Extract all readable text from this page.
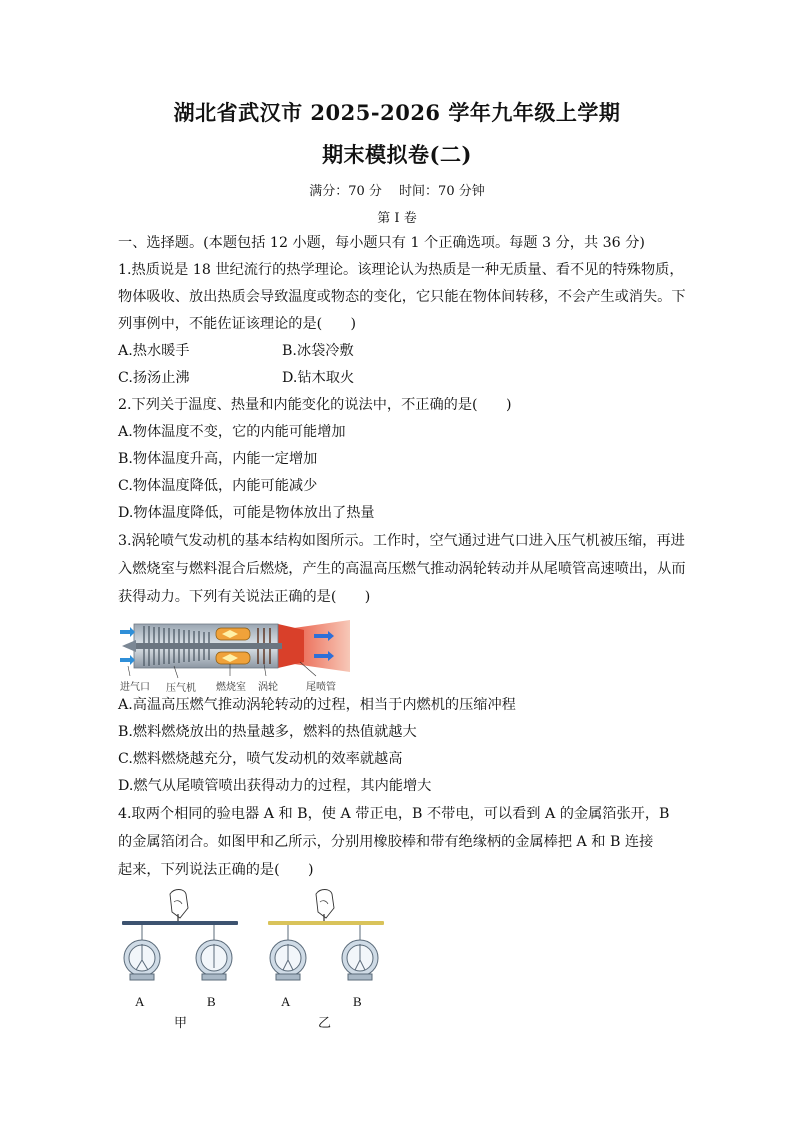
湖北省武汉市 2025-2026 学年九年级上学期
期末模拟卷(二)
满分：70 分　 时间：70 分钟
第 I 卷
一、选择题。(本题包括 12 小题，每小题只有 1 个正确选项。每题 3 分，共 36 分)
1.热质说是 18 世纪流行的热学理论。该理论认为热质是一种无质量、看不见的特殊物质，
物体吸收、放出热质会导致温度或物态的变化，它只能在物体间转移，不会产生或消失。下
列事例中，不能佐证该理论的是(　　)
A.热水暖手	B.冰袋冷敷
C.扬汤止沸	D.钻木取火
2.下列关于温度、热量和内能变化的说法中，不正确的是(　　)
A.物体温度不变，它的内能可能增加
B.物体温度升高，内能一定增加
C.物体温度降低，内能可能减少
D.物体温度降低，可能是物体放出了热量
3.涡轮喷气发动机的基本结构如图所示。工作时，空气通过进气口进入压气机被压缩，再进
入燃烧室与燃料混合后燃烧，产生的高温高压燃气推动涡轮转动并从尾喷管高速喷出，从而
获得动力。下列有关说法正确的是(　　)
进气口 压气机 燃烧室 涡轮	尾喷管
A.高温高压燃气推动涡轮转动的过程，相当于内燃机的压缩冲程
B.燃料燃烧放出的热量越多，燃料的热值就越大
C.燃料燃烧越充分，喷气发动机的效率就越高
D.燃气从尾喷管喷出获得动力的过程，其内能增大
4.取两个相同的验电器 A 和 B，使 A 带正电，B 不带电，可以看到 A 的金属箔张开，B
的金属箔闭合。如图甲和乙所示，分别用橡胶棒和带有绝缘柄的金属棒把 A 和 B 连接
起来，下列说法正确的是(　　)
A	B
甲
A	B
乙
